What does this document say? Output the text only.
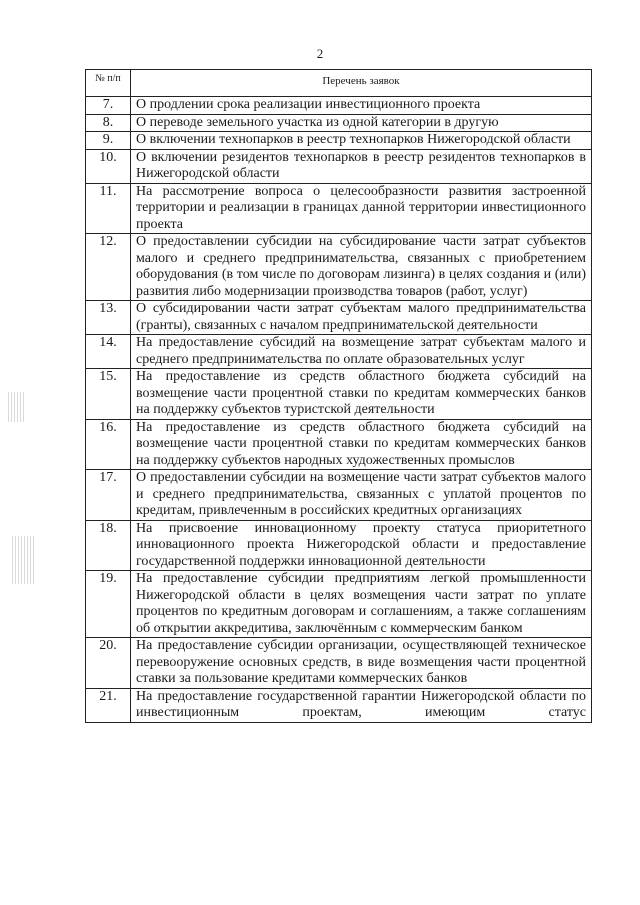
2
№ п/п	Перечень заявок
7.	О продлении срока реализации инвестиционного проекта
8.	О переводе земельного участка из одной категории в другую
9.	О включении технопарков в реестр технопарков Нижегородской области
10.	О включении резидентов технопарков в реестр резидентов технопарков в Нижегородской области
11.	На рассмотрение вопроса о целесообразности развития застроенной территории и реализации в границах данной территории инвестиционного проекта
12.	О предоставлении субсидии на субсидирование части затрат субъектов малого и среднего предпринимательства, связанных с приобретением оборудования (в том числе по договорам лизинга) в целях создания и (или) развития либо модернизации производства товаров (работ, услуг)
13.	О субсидировании части затрат субъектам малого предпринимательства (гранты), связанных с началом предпринимательской деятельности
14.	На предоставление субсидий на возмещение затрат субъектам малого и среднего предпринимательства по оплате образовательных услуг
15.	На предоставление из средств областного бюджета субсидий на возмещение части процентной ставки по кредитам коммерческих банков на поддержку субъектов туристской деятельности
16.	На предоставление из средств областного бюджета субсидий на возмещение части процентной ставки по кредитам коммерческих банков на поддержку субъектов народных художественных промыслов
17.	О предоставлении субсидии на возмещение части затрат субъектов малого и среднего предпринимательства, связанных с уплатой процентов по кредитам, привлеченным в российских кредитных организациях
18.	На присвоение инновационному проекту статуса приоритетного инновационного проекта Нижегородской области и предоставление государственной поддержки инновационной деятельности
19.	На предоставление субсидии предприятиям легкой промышленности Нижегородской области в целях возмещения части затрат по уплате процентов по кредитным договорам и соглашениям, а также соглашениям об открытии аккредитива, заключённым с коммерческим банком
20.	На предоставление субсидии организации, осуществляющей техническое перевооружение основных средств, в виде возмещения части процентной ставки за пользование кредитами коммерческих банков
21.	На предоставление государственной гарантии Нижегородской области по инвестиционным проектам, имеющим статус
